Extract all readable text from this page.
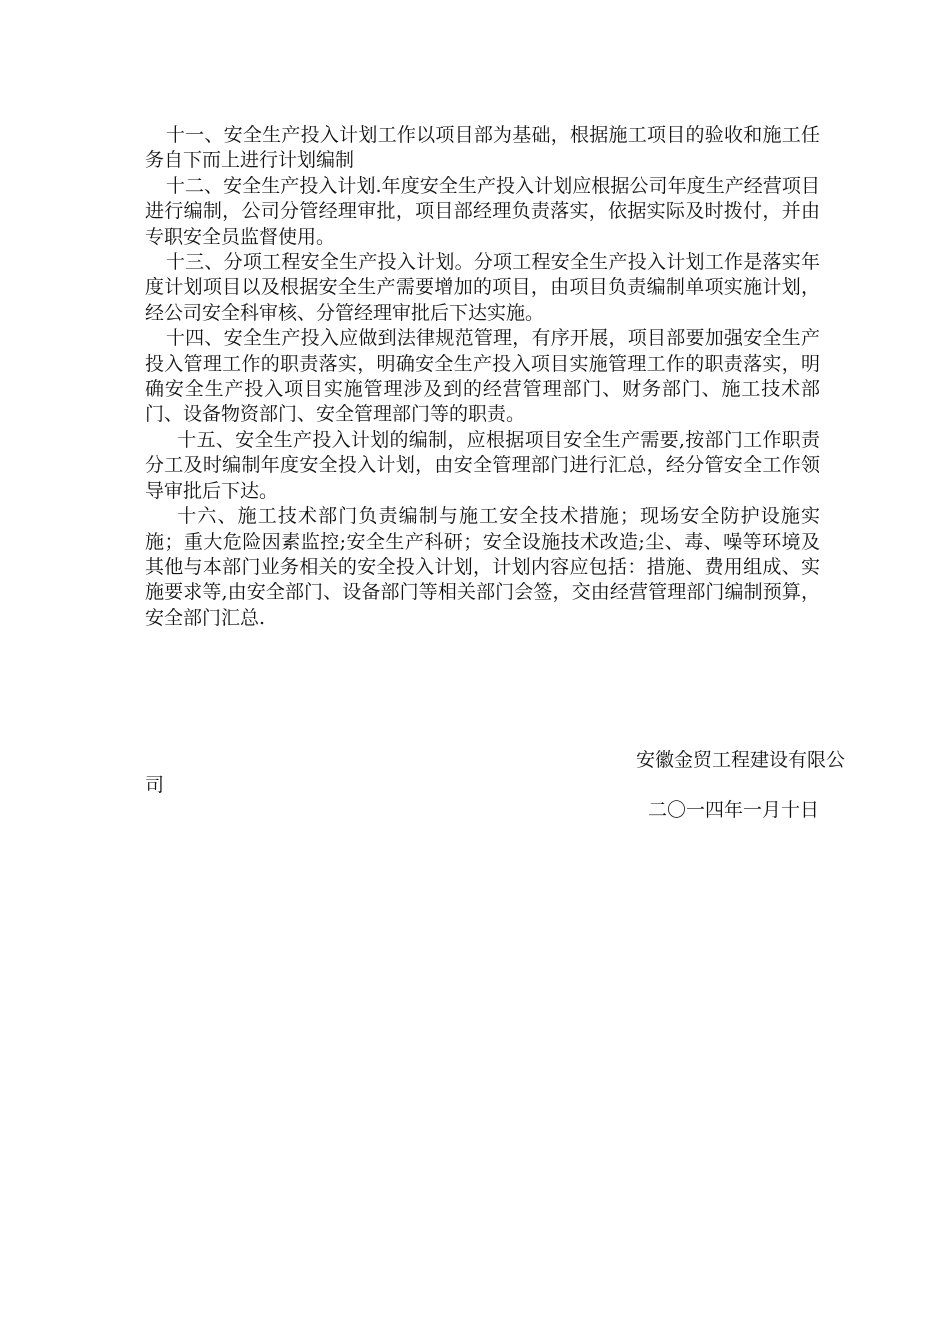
十一、安全生产投入计划工作以项目部为基础，根据施工项目的验收和施工任务自下而上进行计划编制

十二、安全生产投入计划.年度安全生产投入计划应根据公司年度生产经营项目进行编制，公司分管经理审批，项目部经理负责落实，依据实际及时拨付，并由专职安全员监督使用。

十三、分项工程安全生产投入计划。分项工程安全生产投入计划工作是落实年度计划项目以及根据安全生产需要增加的项目，由项目负责编制单项实施计划，经公司安全科审核、分管经理审批后下达实施。

十四、安全生产投入应做到法律规范管理，有序开展，项目部要加强安全生产投入管理工作的职责落实，明确安全生产投入项目实施管理工作的职责落实，明确安全生产投入项目实施管理涉及到的经营管理部门、财务部门、施工技术部门、设备物资部门、安全管理部门等的职责。

十五、安全生产投入计划的编制，应根据项目安全生产需要,按部门工作职责分工及时编制年度安全投入计划，由安全管理部门进行汇总，经分管安全工作领导审批后下达。

十六、施工技术部门负责编制与施工安全技术措施；现场安全防护设施实施；重大危险因素监控;安全生产科研；安全设施技术改造;尘、毒、噪等环境及其他与本部门业务相关的安全投入计划，计划内容应包括：措施、费用组成、实施要求等,由安全部门、设备部门等相关部门会签，交由经营管理部门编制预算，安全部门汇总.

安徽金贸工程建设有限公
司
二〇一四年一月十日
